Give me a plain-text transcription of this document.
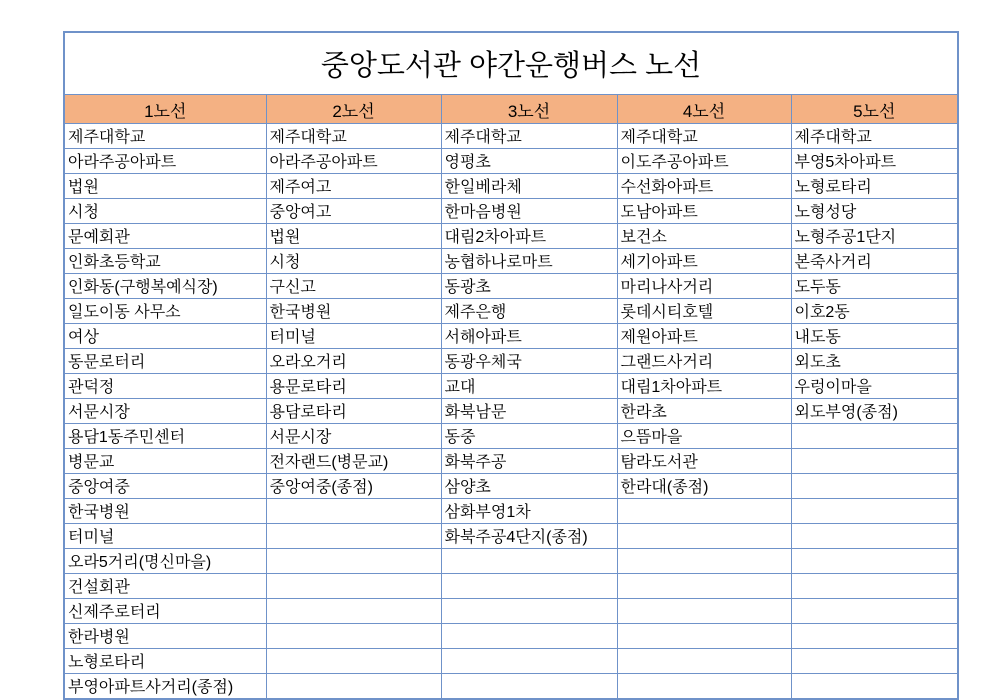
중앙도서관 야간운행버스 노선				
1노선	2노선	3노선	4노선	5노선
제주대학교	제주대학교	제주대학교	제주대학교	제주대학교
아라주공아파트	아라주공아파트	영평초	이도주공아파트	부영5차아파트
법원	제주여고	한일베라체	수선화아파트	노형로타리
시청	중앙여고	한마음병원	도남아파트	노형성당
문예회관	법원	대림2차아파트	보건소	노형주공1단지
인화초등학교	시청	농협하나로마트	세기아파트	본죽사거리
인화동(구행복예식장)	구신고	동광초	마리나사거리	도두동
일도이동 사무소	한국병원	제주은행	롯데시티호텔	이호2동
여상	터미널	서해아파트	제원아파트	내도동
동문로터리	오라오거리	동광우체국	그랜드사거리	외도초
관덕정	용문로타리	교대	대림1차아파트	우렁이마을
서문시장	용담로타리	화북남문	한라초	외도부영(종점)
용담1동주민센터	서문시장	동중	으뜸마을	
병문교	전자랜드(병문교)	화북주공	탐라도서관	
중앙여중	중앙여중(종점)	삼양초	한라대(종점)	
한국병원		삼화부영1차		
터미널		화북주공4단지(종점)		
오라5거리(명신마을)				
건설회관				
신제주로터리				
한라병원				
노형로타리				
부영아파트사거리(종점)				
